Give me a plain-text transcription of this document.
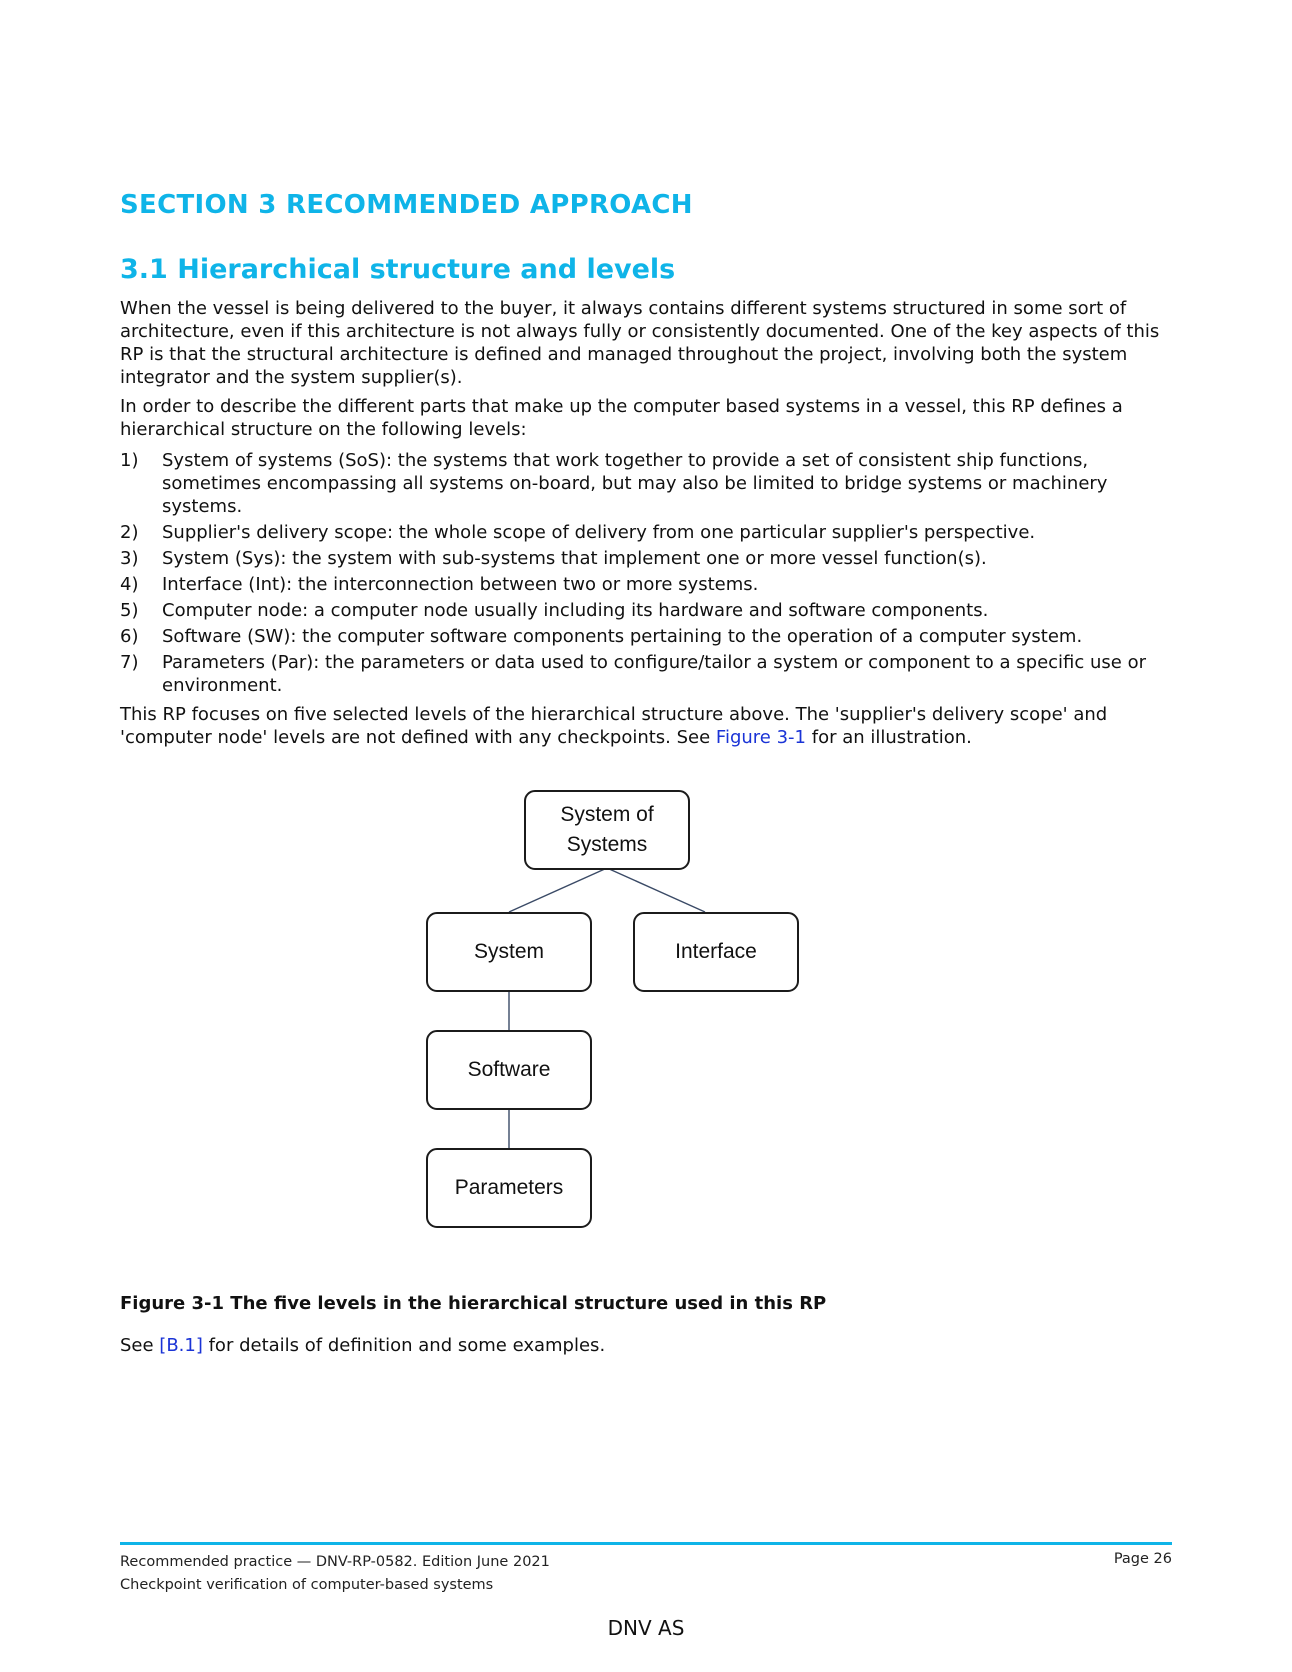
SECTION 3 RECOMMENDED APPROACH
3.1 Hierarchical structure and levels

When the vessel is being delivered to the buyer, it always contains different systems structured in some sort of architecture, even if this architecture is not always fully or consistently documented. One of the key aspects of this RP is that the structural architecture is defined and managed throughout the project, involving both the system integrator and the system supplier(s).

In order to describe the different parts that make up the computer based systems in a vessel, this RP defines a hierarchical structure on the following levels:

1) System of systems (SoS): the systems that work together to provide a set of consistent ship functions, sometimes encompassing all systems on-board, but may also be limited to bridge systems or machinery systems.
2) Supplier's delivery scope: the whole scope of delivery from one particular supplier's perspective.
3) System (Sys): the system with sub-systems that implement one or more vessel function(s).
4) Interface (Int): the interconnection between two or more systems.
5) Computer node: a computer node usually including its hardware and software components.
6) Software (SW): the computer software components pertaining to the operation of a computer system.
7) Parameters (Par): the parameters or data used to configure/tailor a system or component to a specific use or environment.

This RP focuses on five selected levels of the hierarchical structure above. The 'supplier's delivery scope' and 'computer node' levels are not defined with any checkpoints. See Figure 3-1 for an illustration.

System of
Systems
System	Interface
Software
Parameters

Figure 3-1 The five levels in the hierarchical structure used in this RP

See [B.1] for details of definition and some examples.

Recommended practice — DNV-RP-0582. Edition June 2021
Checkpoint verification of computer-based systems
Page 26
DNV AS
